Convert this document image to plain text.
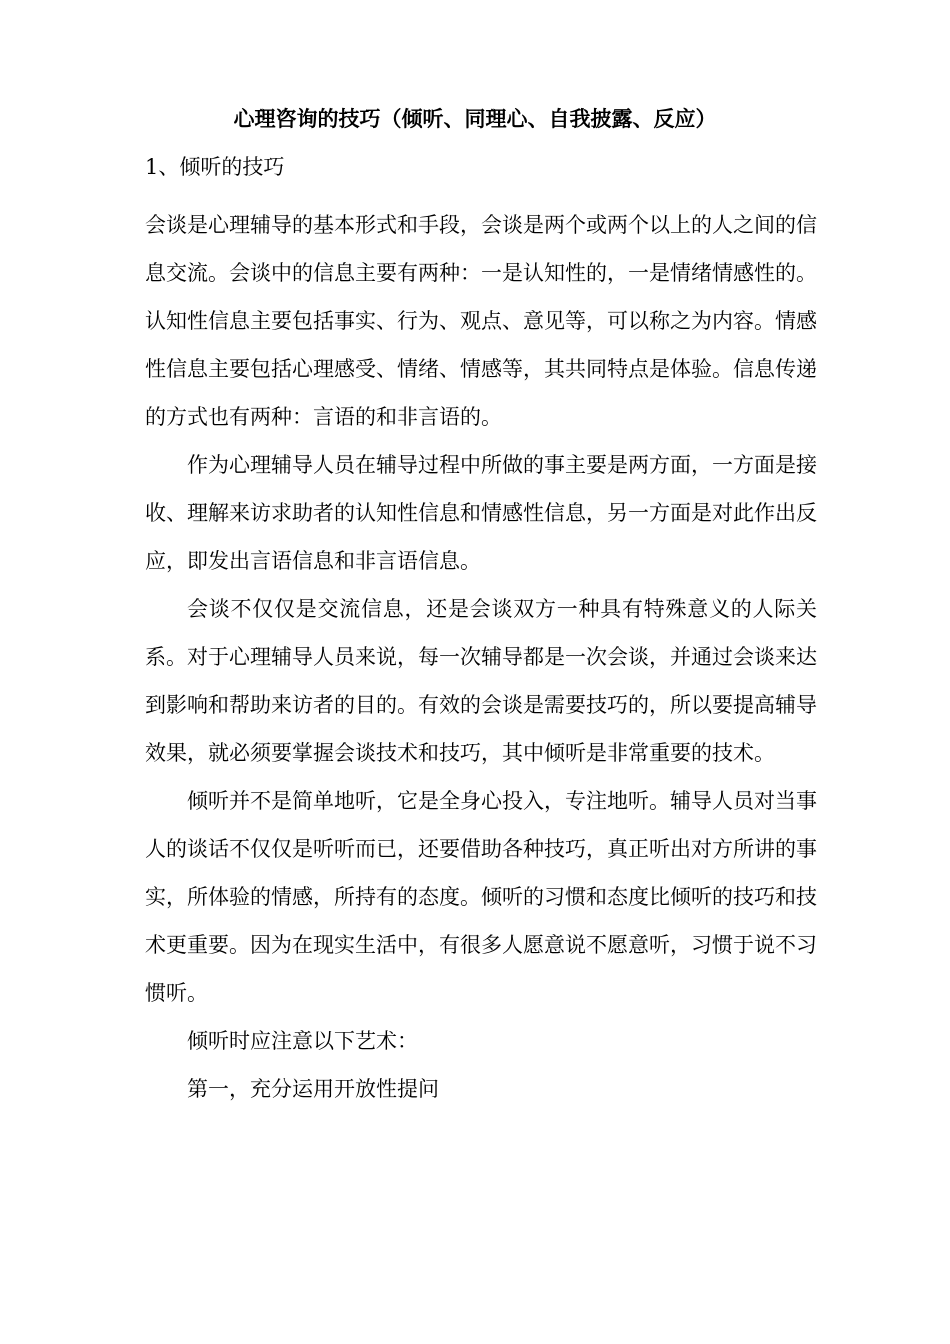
心理咨询的技巧（倾听、同理心、自我披露、反应）
1、倾听的技巧

会谈是心理辅导的基本形式和手段，会谈是两个或两个以上的人之间的信息交流。会谈中的信息主要有两种：一是认知性的，一是情绪情感性的。认知性信息主要包括事实、行为、观点、意见等，可以称之为内容。情感性信息主要包括心理感受、情绪、情感等，其共同特点是体验。信息传递的方式也有两种：言语的和非言语的。

作为心理辅导人员在辅导过程中所做的事主要是两方面，一方面是接收、理解来访求助者的认知性信息和情感性信息，另一方面是对此作出反应，即发出言语信息和非言语信息。

会谈不仅仅是交流信息，还是会谈双方一种具有特殊意义的人际关系。对于心理辅导人员来说，每一次辅导都是一次会谈，并通过会谈来达到影响和帮助来访者的目的。有效的会谈是需要技巧的，所以要提高辅导效果，就必须要掌握会谈技术和技巧，其中倾听是非常重要的技术。

倾听并不是简单地听，它是全身心投入，专注地听。辅导人员对当事人的谈话不仅仅是听听而已，还要借助各种技巧，真正听出对方所讲的事实，所体验的情感，所持有的态度。倾听的习惯和态度比倾听的技巧和技术更重要。因为在现实生活中，有很多人愿意说不愿意听，习惯于说不习惯听。

倾听时应注意以下艺术：

第一，充分运用开放性提问
